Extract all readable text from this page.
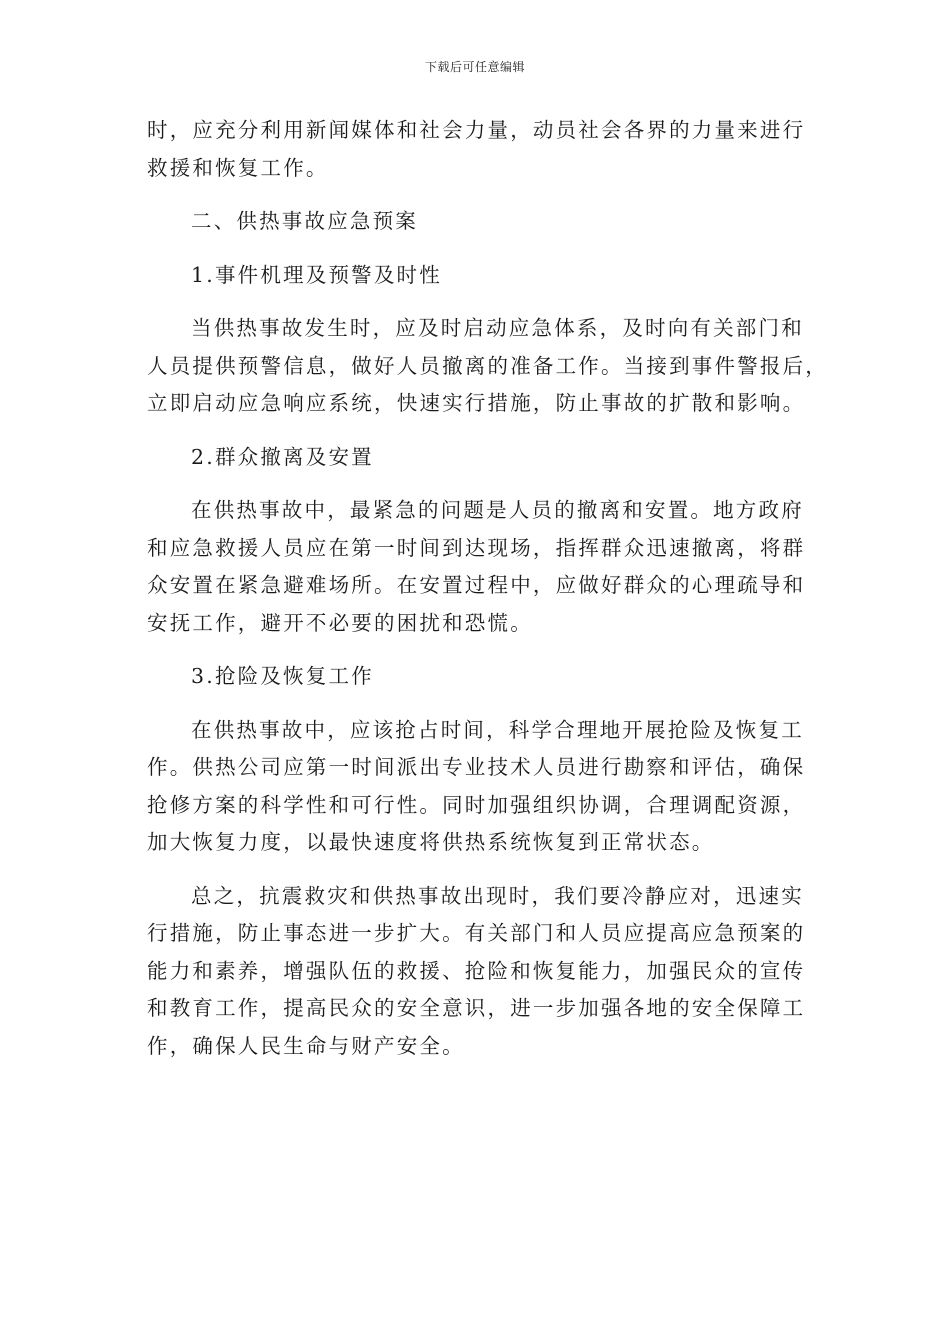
下载后可任意编辑

时，应充分利用新闻媒体和社会力量，动员社会各界的力量来进行

救援和恢复工作。

二、供热事故应急预案

1.事件机理及预警及时性

当供热事故发生时，应及时启动应急体系，及时向有关部门和

人员提供预警信息，做好人员撤离的准备工作。当接到事件警报后，

立即启动应急响应系统，快速实行措施，防止事故的扩散和影响。

2.群众撤离及安置

在供热事故中，最紧急的问题是人员的撤离和安置。地方政府

和应急救援人员应在第一时间到达现场，指挥群众迅速撤离，将群

众安置在紧急避难场所。在安置过程中，应做好群众的心理疏导和

安抚工作，避开不必要的困扰和恐慌。

3.抢险及恢复工作

在供热事故中，应该抢占时间，科学合理地开展抢险及恢复工

作。供热公司应第一时间派出专业技术人员进行勘察和评估，确保

抢修方案的科学性和可行性。同时加强组织协调，合理调配资源，

加大恢复力度，以最快速度将供热系统恢复到正常状态。

总之，抗震救灾和供热事故出现时，我们要冷静应对，迅速实

行措施，防止事态进一步扩大。有关部门和人员应提高应急预案的

能力和素养，增强队伍的救援、抢险和恢复能力，加强民众的宣传

和教育工作，提高民众的安全意识，进一步加强各地的安全保障工

作，确保人民生命与财产安全。
